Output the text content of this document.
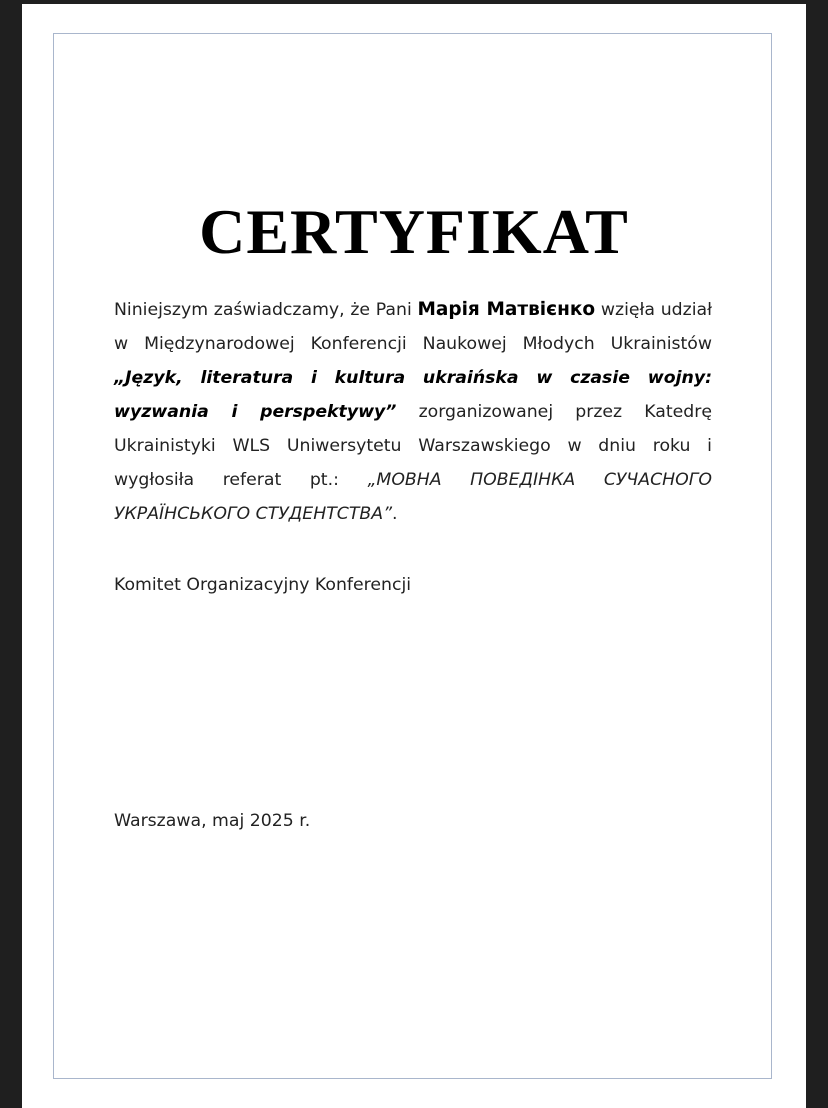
CERTYFIKAT

Niniejszym zaświadczamy, że Pani Марія Матвієнко wzięła udział w Międzynarodowej Konferencji Naukowej Młodych Ukrainistów „Język, literatura i kultura ukraińska w czasie wojny: wyzwania i perspektywy” zorganizowanej przez Katedrę Ukrainistyki WLS Uniwersytetu Warszawskiego w dniu roku i wygłosiła referat pt.: „МОВНА ПОВЕДІНКА СУЧАСНОГО УКРАЇНСЬКОГО СТУДЕНТСТВА”.

Komitet Organizacyjny Konferencji

Warszawa, maj 2025 r.
